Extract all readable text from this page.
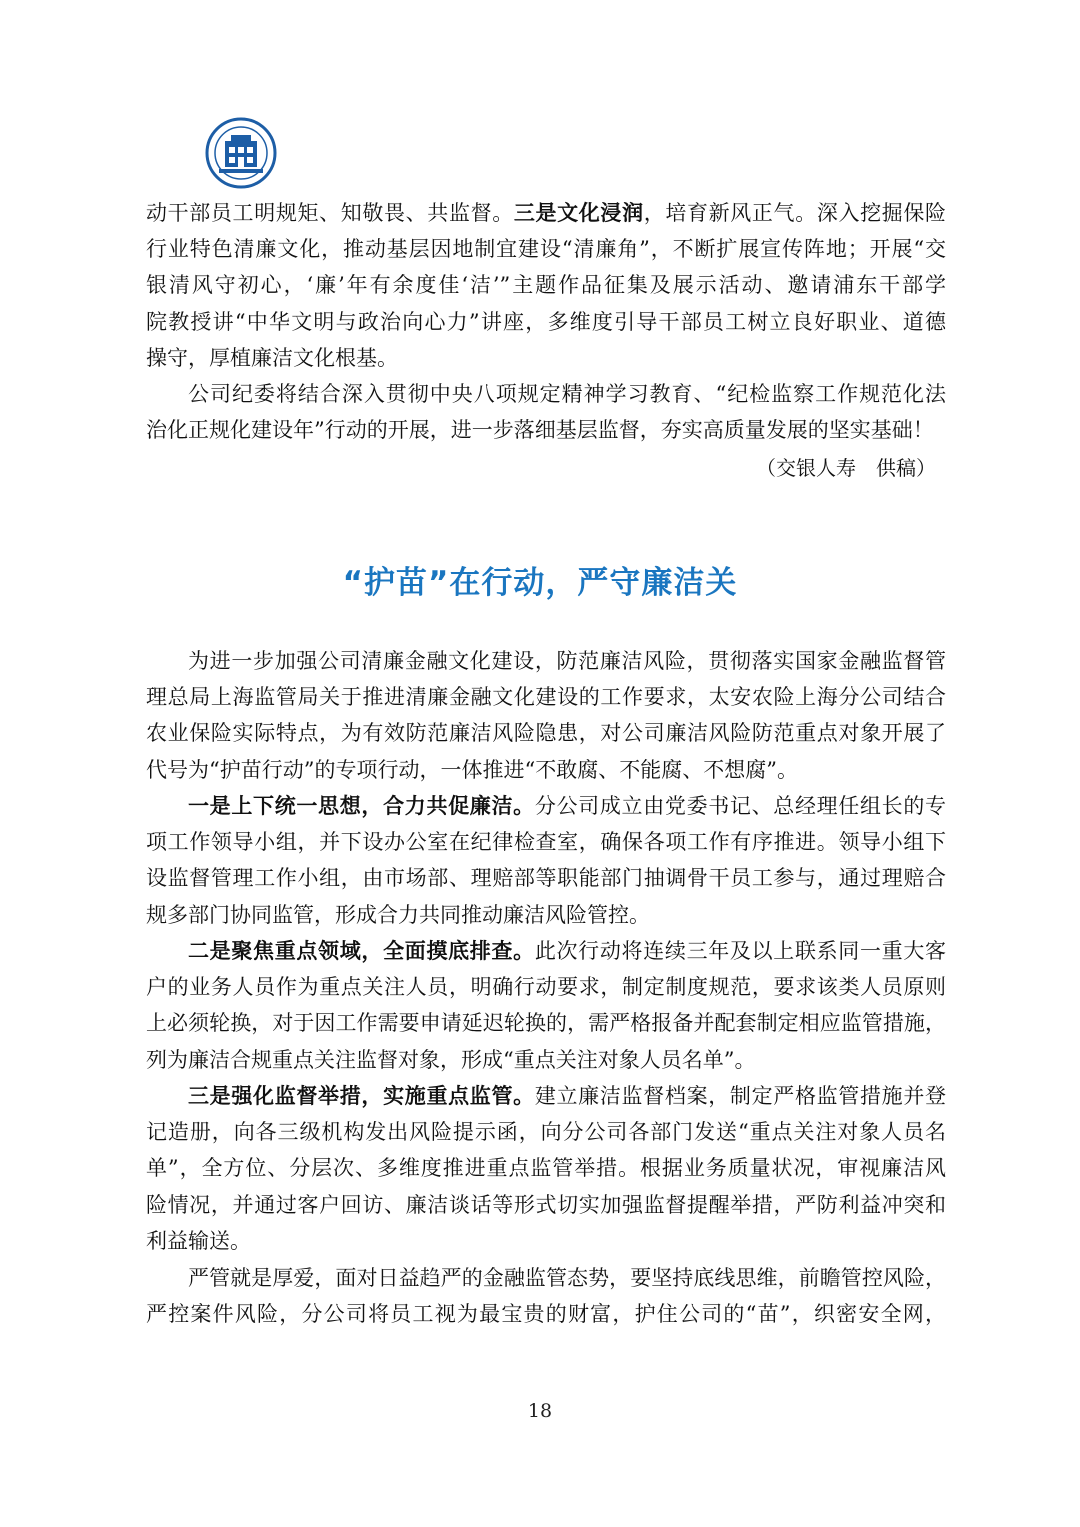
动干部员工明规矩、知敬畏、共监督。三是文化浸润，培育新风正气。深入挖掘保险
行业特色清廉文化，推动基层因地制宜建设“清廉角”，不断扩展宣传阵地；开展“交
银清风守初心，‘廉’年有余度佳‘洁’”主题作品征集及展示活动、邀请浦东干部学
院教授讲“中华文明与政治向心力”讲座，多维度引导干部员工树立良好职业、道德
操守，厚植廉洁文化根基。
公司纪委将结合深入贯彻中央八项规定精神学习教育、“纪检监察工作规范化法
治化正规化建设年”行动的开展，进一步落细基层监督，夯实高质量发展的坚实基础！
（交银人寿　供稿）
“护苗”在行动，严守廉洁关
为进一步加强公司清廉金融文化建设，防范廉洁风险，贯彻落实国家金融监督管
理总局上海监管局关于推进清廉金融文化建设的工作要求，太安农险上海分公司结合
农业保险实际特点，为有效防范廉洁风险隐患，对公司廉洁风险防范重点对象开展了
代号为“护苗行动”的专项行动，一体推进“不敢腐、不能腐、不想腐”。
一是上下统一思想，合力共促廉洁。分公司成立由党委书记、总经理任组长的专
项工作领导小组，并下设办公室在纪律检查室，确保各项工作有序推进。领导小组下
设监督管理工作小组，由市场部、理赔部等职能部门抽调骨干员工参与，通过理赔合
规多部门协同监管，形成合力共同推动廉洁风险管控。
二是聚焦重点领域，全面摸底排查。此次行动将连续三年及以上联系同一重大客
户的业务人员作为重点关注人员，明确行动要求，制定制度规范，要求该类人员原则
上必须轮换，对于因工作需要申请延迟轮换的，需严格报备并配套制定相应监管措施，
列为廉洁合规重点关注监督对象，形成“重点关注对象人员名单”。
三是强化监督举措，实施重点监管。建立廉洁监督档案，制定严格监管措施并登
记造册，向各三级机构发出风险提示函，向分公司各部门发送“重点关注对象人员名
单”，全方位、分层次、多维度推进重点监管举措。根据业务质量状况，审视廉洁风
险情况，并通过客户回访、廉洁谈话等形式切实加强监督提醒举措，严防利益冲突和
利益输送。
严管就是厚爱，面对日益趋严的金融监管态势，要坚持底线思维，前瞻管控风险，
严控案件风险，分公司将员工视为最宝贵的财富，护住公司的“苗”，织密安全网，
18
